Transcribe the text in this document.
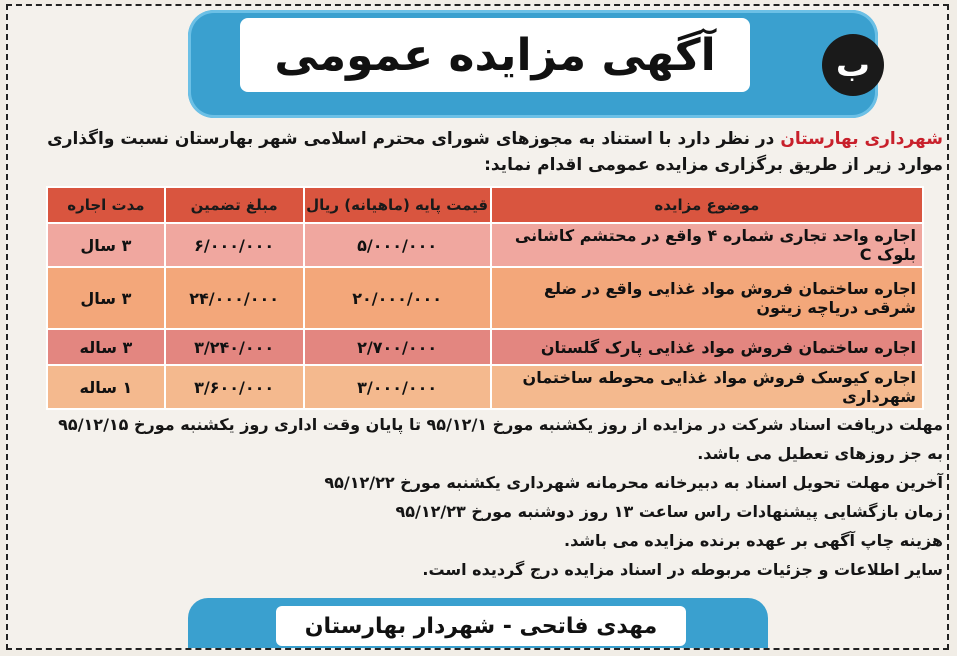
آگهی مزایده عمومی	ب
شهرداری بهارستان در نظر دارد با استناد به مجوزهای شورای محترم اسلامی شهر بهارستان نسبت واگذاری موارد زیر از طریق برگزاری مزایده عمومی اقدام نماید:
موضوع مزایده	قیمت پایه (ماهیانه) ریال	مبلغ تضمین	مدت اجاره
اجاره واحد تجاری شماره ۴ واقع در محتشم کاشانی بلوک C	۵/۰۰۰/۰۰۰	۶/۰۰۰/۰۰۰	۳ سال
اجاره ساختمان فروش مواد غذایی واقع در ضلع شرقی دریاچه زیتون	۲۰/۰۰۰/۰۰۰	۲۴/۰۰۰/۰۰۰	۳ سال
اجاره ساختمان فروش مواد غذایی پارک گلستان	۲/۷۰۰/۰۰۰	۳/۲۴۰/۰۰۰	۳ ساله
اجاره کیوسک فروش مواد غذایی محوطه ساختمان شهرداری	۳/۰۰۰/۰۰۰	۳/۶۰۰/۰۰۰	۱ ساله
مهلت دریافت اسناد شرکت در مزایده از روز یکشنبه مورخ ۹۵/۱۲/۱ تا پایان وقت اداری روز یکشنبه مورخ ۹۵/۱۲/۱۵
به جز روزهای تعطیل می باشد.
آخرین مهلت تحویل اسناد به دبیرخانه محرمانه شهرداری یکشنبه مورخ ۹۵/۱۲/۲۲
زمان بازگشایی پیشنهادات راس ساعت ۱۳ روز دوشنبه مورخ ۹۵/۱۲/۲۳
هزینه چاپ آگهی بر عهده برنده مزایده می باشد.
سایر اطلاعات و جزئیات مربوطه در اسناد مزایده درج گردیده است.
مهدی فاتحی - شهردار بهارستان
